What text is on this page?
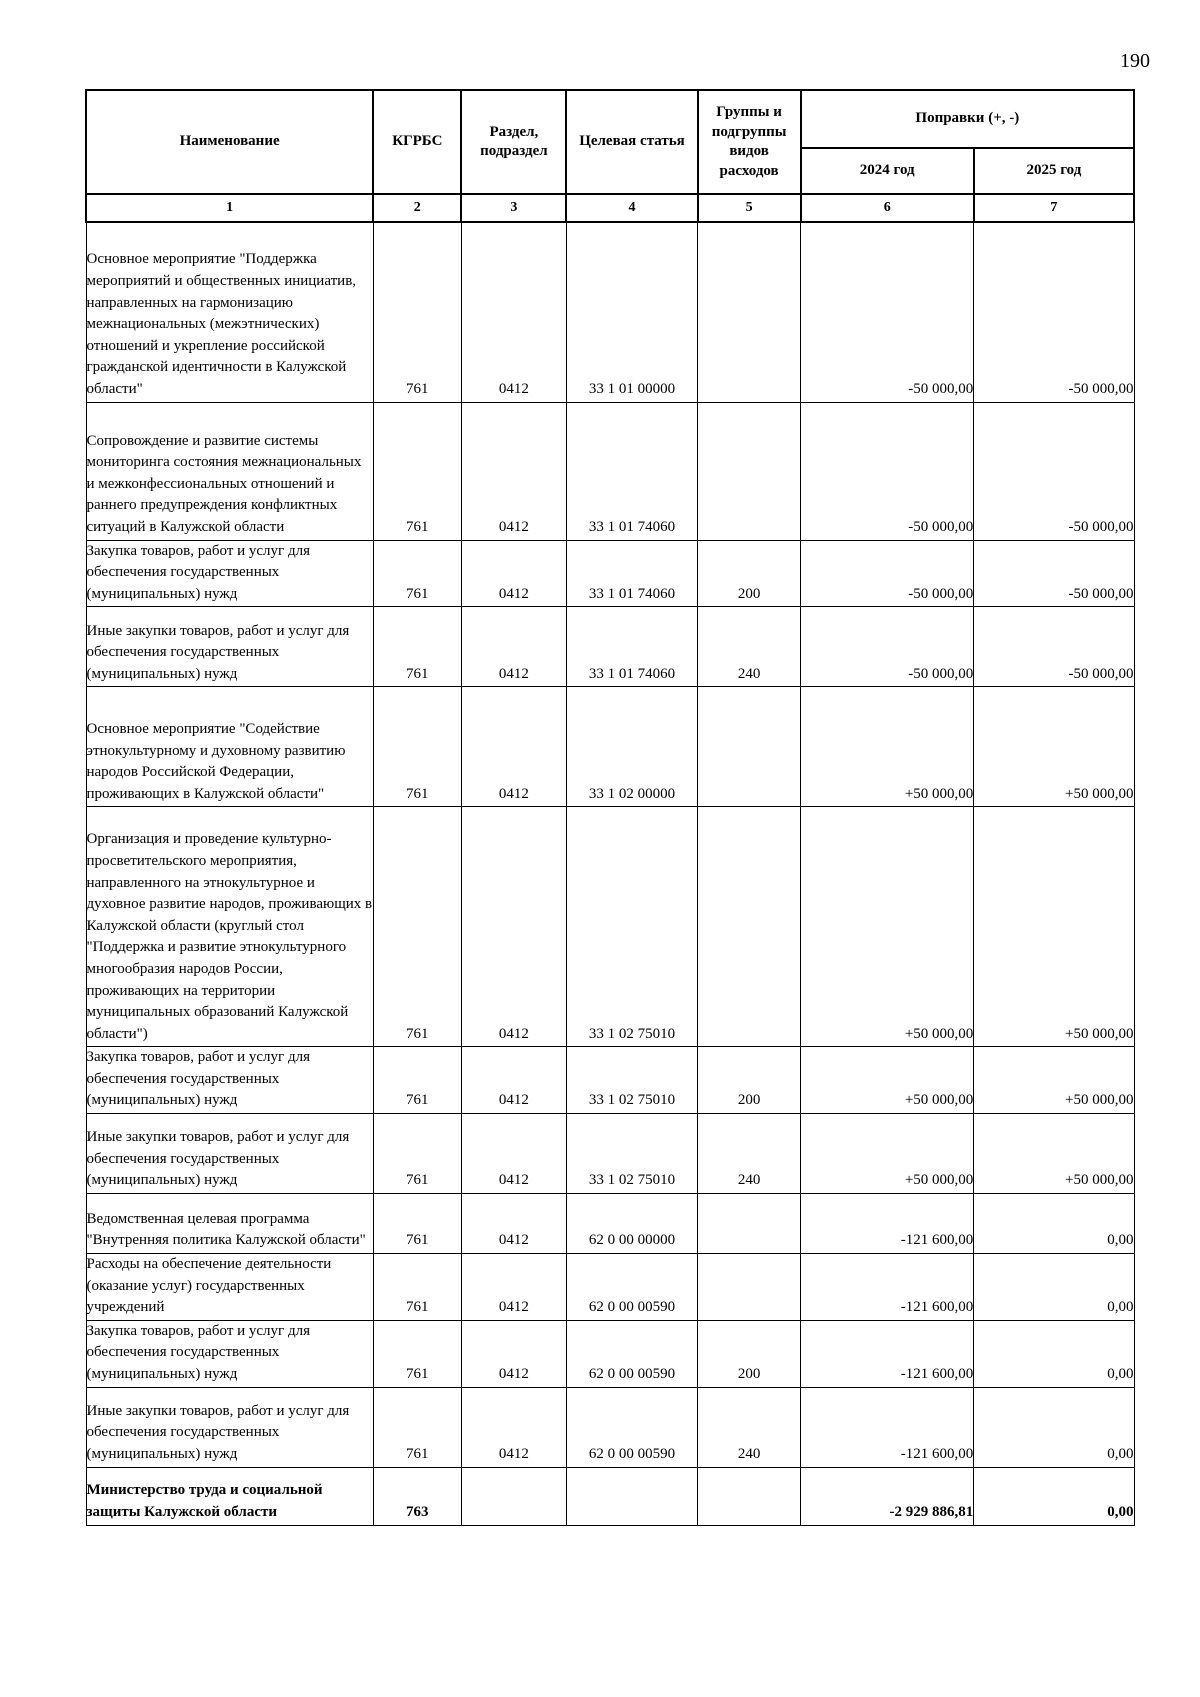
190
Наименование	КГРБС	Раздел, подраздел	Целевая статья	Группы и подгруппы видов расходов	Поправки (+, -)	
					2024 год	2025 год
1	2	3	4	5	6	7
Основное мероприятие "Поддержка мероприятий и общественных инициатив, направленных на гармонизацию межнациональных (межэтнических) отношений и укрепление российской гражданской идентичности в Калужской области"	761	0412	33 1 01 00000		-50 000,00	-50 000,00
Сопровождение и развитие системы мониторинга состояния межнациональных и межконфессиональных отношений и раннего предупреждения конфликтных ситуаций в Калужской области	761	0412	33 1 01 74060		-50 000,00	-50 000,00
Закупка товаров, работ и услуг для обеспечения государственных (муниципальных) нужд	761	0412	33 1 01 74060	200	-50 000,00	-50 000,00
Иные закупки товаров, работ и услуг для обеспечения государственных (муниципальных) нужд	761	0412	33 1 01 74060	240	-50 000,00	-50 000,00
Основное мероприятие "Содействие этнокультурному и духовному развитию народов Российской Федерации, проживающих в Калужской области"	761	0412	33 1 02 00000		+50 000,00	+50 000,00
Организация и проведение культурно-просветительского мероприятия, направленного на этнокультурное и духовное развитие народов, проживающих в Калужской области (круглый стол "Поддержка и развитие этнокультурного многообразия народов России, проживающих на территории муниципальных образований Калужской области")	761	0412	33 1 02 75010		+50 000,00	+50 000,00
Закупка товаров, работ и услуг для обеспечения государственных (муниципальных) нужд	761	0412	33 1 02 75010	200	+50 000,00	+50 000,00
Иные закупки товаров, работ и услуг для обеспечения государственных (муниципальных) нужд	761	0412	33 1 02 75010	240	+50 000,00	+50 000,00
Ведомственная целевая программа "Внутренняя политика Калужской области"	761	0412	62 0 00 00000		-121 600,00	0,00
Расходы на обеспечение деятельности (оказание услуг) государственных учреждений	761	0412	62 0 00 00590		-121 600,00	0,00
Закупка товаров, работ и услуг для обеспечения государственных (муниципальных) нужд	761	0412	62 0 00 00590	200	-121 600,00	0,00
Иные закупки товаров, работ и услуг для обеспечения государственных (муниципальных) нужд	761	0412	62 0 00 00590	240	-121 600,00	0,00
Министерство труда и социальной защиты Калужской области	763				-2 929 886,81	0,00
